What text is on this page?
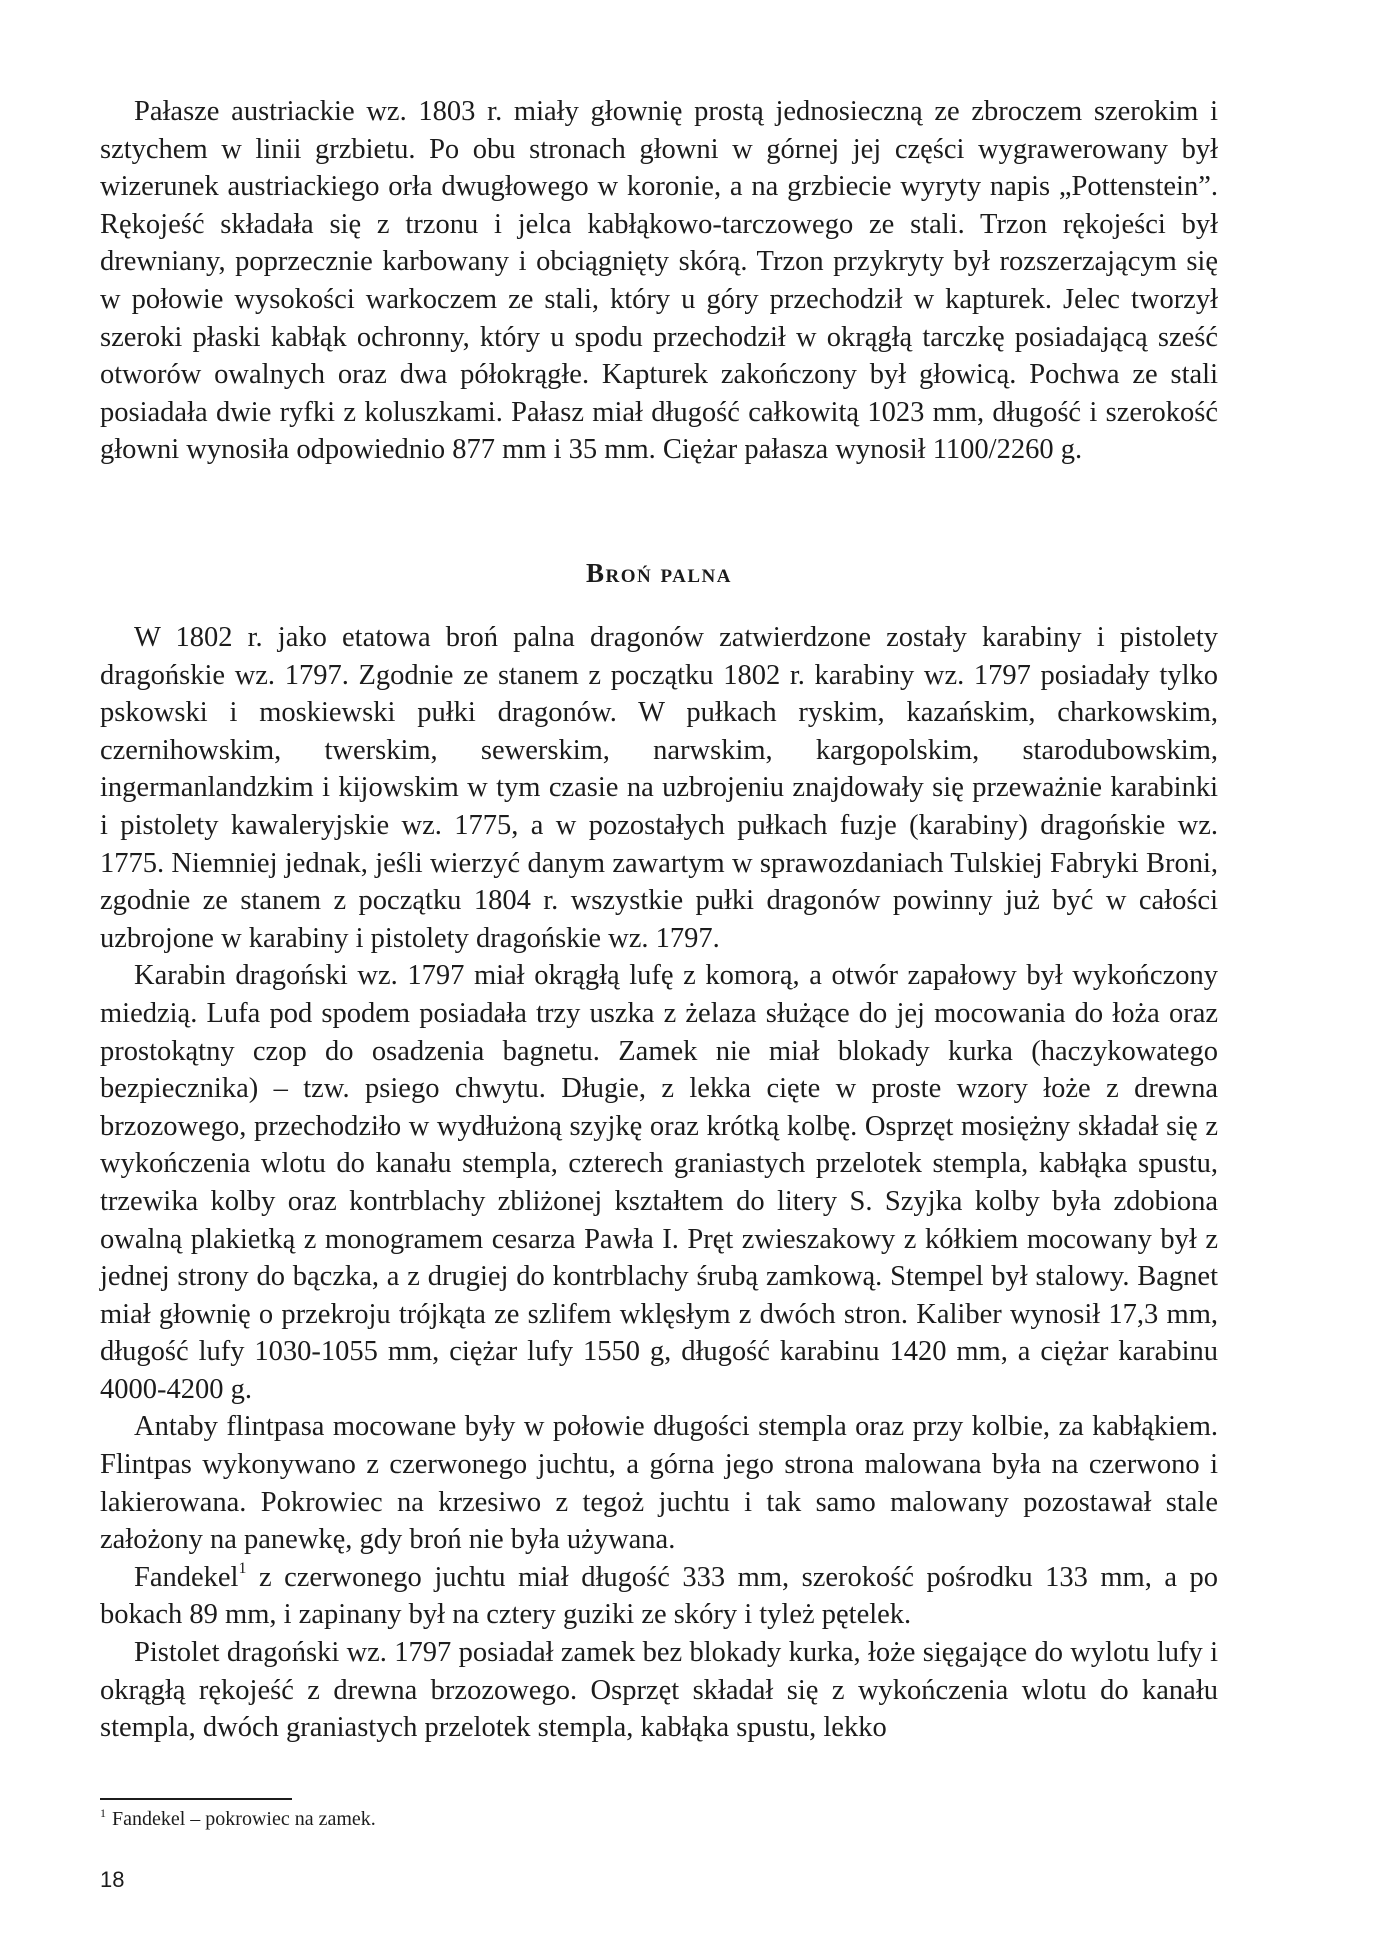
Pałasze austriackie wz. 1803 r. miały głownię prostą jednosieczną ze zbroczem szerokim i sztychem w linii grzbietu. Po obu stronach głowni w górnej jej części wygrawerowany był wizerunek austriackiego orła dwugłowego w koronie, a na grzbiecie wyryty napis „Pottenstein”. Rękojeść składała się z trzonu i jelca kabłąkowo-tarczowego ze stali. Trzon rękojeści był drewniany, poprzecznie karbowany i obciągnięty skórą. Trzon przykryty był rozszerzającym się w połowie wysokości warkoczem ze stali, który u góry przechodził w kapturek. Jelec tworzył szeroki płaski kabłąk ochronny, który u spodu przechodził w okrągłą tarczkę posiadającą sześć otworów owalnych oraz dwa półokrągłe. Kapturek zakończony był głowicą. Pochwa ze stali posiadała dwie ryfki z koluszkami. Pałasz miał długość całkowitą 1023 mm, długość i szerokość głowni wynosiła odpowiednio 877 mm i 35 mm. Ciężar pałasza wynosił 1100/2260 g.

Broń palna

W 1802 r. jako etatowa broń palna dragonów zatwierdzone zostały karabiny i pistolety dragońskie wz. 1797. Zgodnie ze stanem z początku 1802 r. karabiny wz. 1797 posiadały tylko pskowski i moskiewski pułki dragonów. W pułkach ryskim, kazańskim, charkowskim, czernihowskim, twerskim, sewerskim, narwskim, kargopolskim, starodubowskim, ingermanlandzkim i kijowskim w tym czasie na uzbrojeniu znajdowały się przeważnie karabinki i pistolety kawaleryjskie wz. 1775, a w pozostałych pułkach fuzje (karabiny) dragońskie wz. 1775. Niemniej jednak, jeśli wierzyć danym zawartym w sprawozdaniach Tulskiej Fabryki Broni, zgodnie ze stanem z początku 1804 r. wszystkie pułki dragonów powinny już być w całości uzbrojone w karabiny i pistolety dragońskie wz. 1797.

Karabin dragoński wz. 1797 miał okrągłą lufę z komorą, a otwór zapałowy był wykończony miedzią. Lufa pod spodem posiadała trzy uszka z żelaza służące do jej mocowania do łoża oraz prostokątny czop do osadzenia bagnetu. Zamek nie miał blokady kurka (haczykowatego bezpiecznika) – tzw. psiego chwytu. Długie, z lekka cięte w proste wzory łoże z drewna brzozowego, przechodziło w wydłużoną szyjkę oraz krótką kolbę. Osprzęt mosiężny składał się z wykończenia wlotu do kanału stempla, czterech graniastych przelotek stempla, kabłąka spustu, trzewika kolby oraz kontrblachy zbliżonej kształtem do litery S. Szyjka kolby była zdobiona owalną plakietką z monogramem cesarza Pawła I. Pręt zwieszakowy z kółkiem mocowany był z jednej strony do bączka, a z drugiej do kontrblachy śrubą zamkową. Stempel był stalowy. Bagnet miał głownię o przekroju trójkąta ze szlifem wklęsłym z dwóch stron. Kaliber wynosił 17,3 mm, długość lufy 1030-1055 mm, ciężar lufy 1550 g, długość karabinu 1420 mm, a ciężar karabinu 4000-4200 g.

Antaby flintpasa mocowane były w połowie długości stempla oraz przy kolbie, za kabłąkiem. Flintpas wykonywano z czerwonego juchtu, a górna jego strona malowana była na czerwono i lakierowana. Pokrowiec na krzesiwo z tegoż juchtu i tak samo malowany pozostawał stale założony na panewkę, gdy broń nie była używana.

Fandekel$^1$ z czerwonego juchtu miał długość 333 mm, szerokość pośrodku 133 mm, a po bokach 89 mm, i zapinany był na cztery guziki ze skóry i tyleż pętelek.

Pistolet dragoński wz. 1797 posiadał zamek bez blokady kurka, łoże sięgające do wylotu lufy i okrągłą rękojeść z drewna brzozowego. Osprzęt składał się z wykończenia wlotu do kanału stempla, dwóch graniastych przelotek stempla, kabłąka spustu, lekko

$^1$ Fandekel – pokrowiec na zamek.

18
